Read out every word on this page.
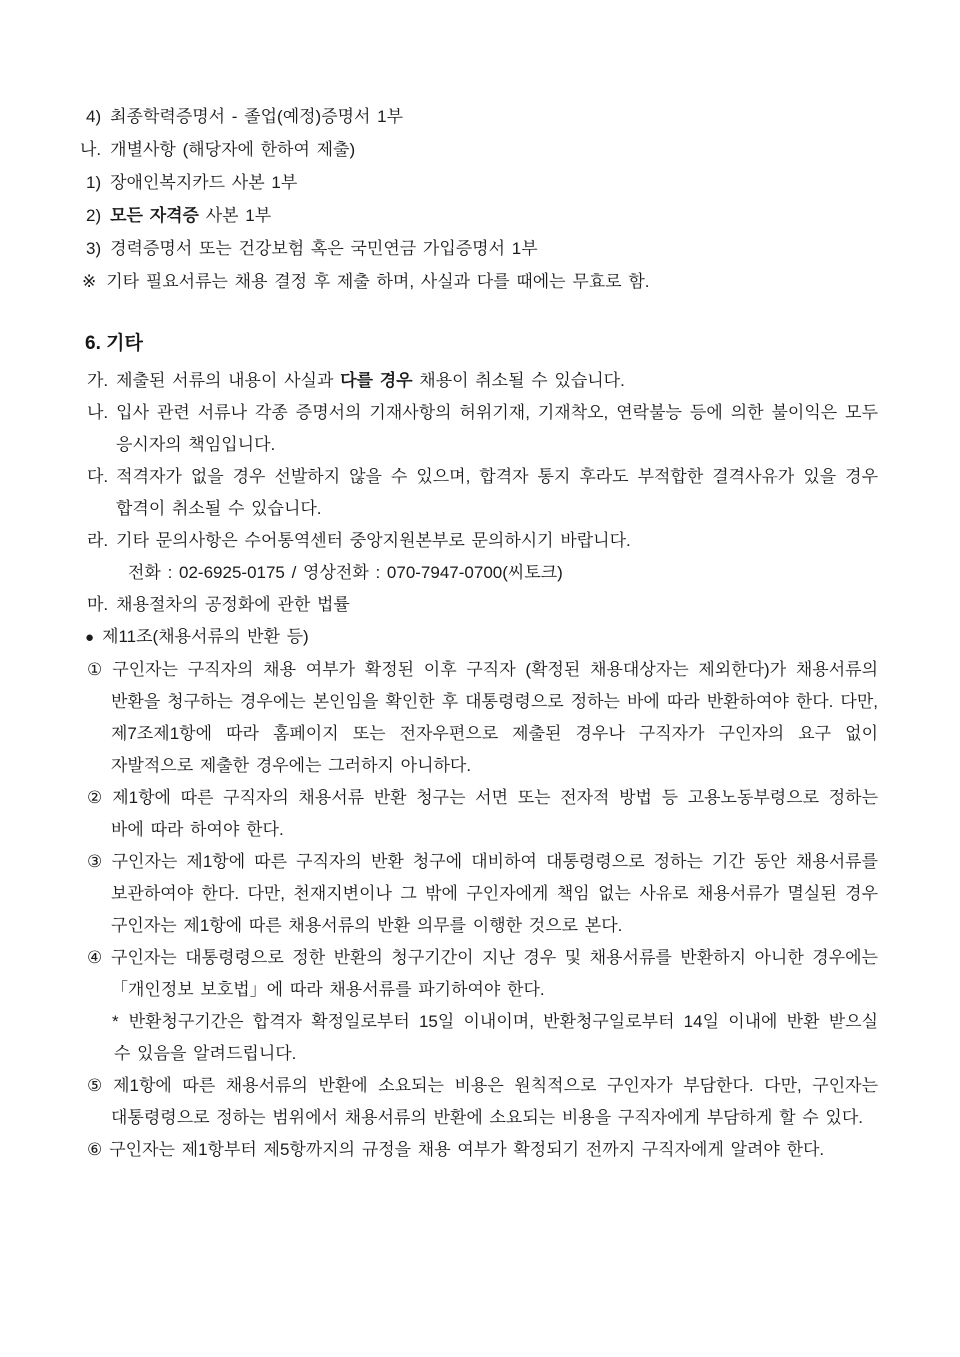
4) 최종학력증명서 - 졸업(예정)증명서 1부

나. 개별사항 (해당자에 한하여 제출)

1) 장애인복지카드 사본 1부

2) 모든 자격증 사본 1부

3) 경력증명서 또는 건강보험 혹은 국민연금 가입증명서 1부

※ 기타 필요서류는 채용 결정 후 제출 하며, 사실과 다를 때에는 무효로 함.

6. 기타

가. 제출된 서류의 내용이 사실과 다를 경우 채용이 취소될 수 있습니다.

나. 입사 관련 서류나 각종 증명서의 기재사항의 허위기재, 기재착오, 연락불능 등에 의한 불이익은 모두 응시자의 책임입니다.

다. 적격자가 없을 경우 선발하지 않을 수 있으며, 합격자 통지 후라도 부적합한 결격사유가 있을 경우 합격이 취소될 수 있습니다.

라. 기타 문의사항은 수어통역센터 중앙지원본부로 문의하시기 바랍니다.

전화 : 02-6925-0175 / 영상전화 : 070-7947-0700(씨토크)

마. 채용절차의 공정화에 관한 법률

● 제11조(채용서류의 반환 등)

① 구인자는 구직자의 채용 여부가 확정된 이후 구직자 (확정된 채용대상자는 제외한다)가 채용서류의 반환을 청구하는 경우에는 본인임을 확인한 후 대통령령으로 정하는 바에 따라 반환하여야 한다. 다만, 제7조제1항에 따라 홈페이지 또는 전자우편으로 제출된 경우나 구직자가 구인자의 요구 없이 자발적으로 제출한 경우에는 그러하지 아니하다.

② 제1항에 따른 구직자의 채용서류 반환 청구는 서면 또는 전자적 방법 등 고용노동부령으로 정하는 바에 따라 하여야 한다.

③ 구인자는 제1항에 따른 구직자의 반환 청구에 대비하여 대통령령으로 정하는 기간 동안 채용서류를 보관하여야 한다. 다만, 천재지변이나 그 밖에 구인자에게 책임 없는 사유로 채용서류가 멸실된 경우 구인자는 제1항에 따른 채용서류의 반환 의무를 이행한 것으로 본다.

④ 구인자는 대통령령으로 정한 반환의 청구기간이 지난 경우 및 채용서류를 반환하지 아니한 경우에는 「개인정보 보호법」에 따라 채용서류를 파기하여야 한다.

* 반환청구기간은 합격자 확정일로부터 15일 이내이며, 반환청구일로부터 14일 이내에 반환 받으실 수 있음을 알려드립니다.

⑤ 제1항에 따른 채용서류의 반환에 소요되는 비용은 원칙적으로 구인자가 부담한다. 다만, 구인자는 대통령령으로 정하는 범위에서 채용서류의 반환에 소요되는 비용을 구직자에게 부담하게 할 수 있다.

⑥ 구인자는 제1항부터 제5항까지의 규정을 채용 여부가 확정되기 전까지 구직자에게 알려야 한다.
